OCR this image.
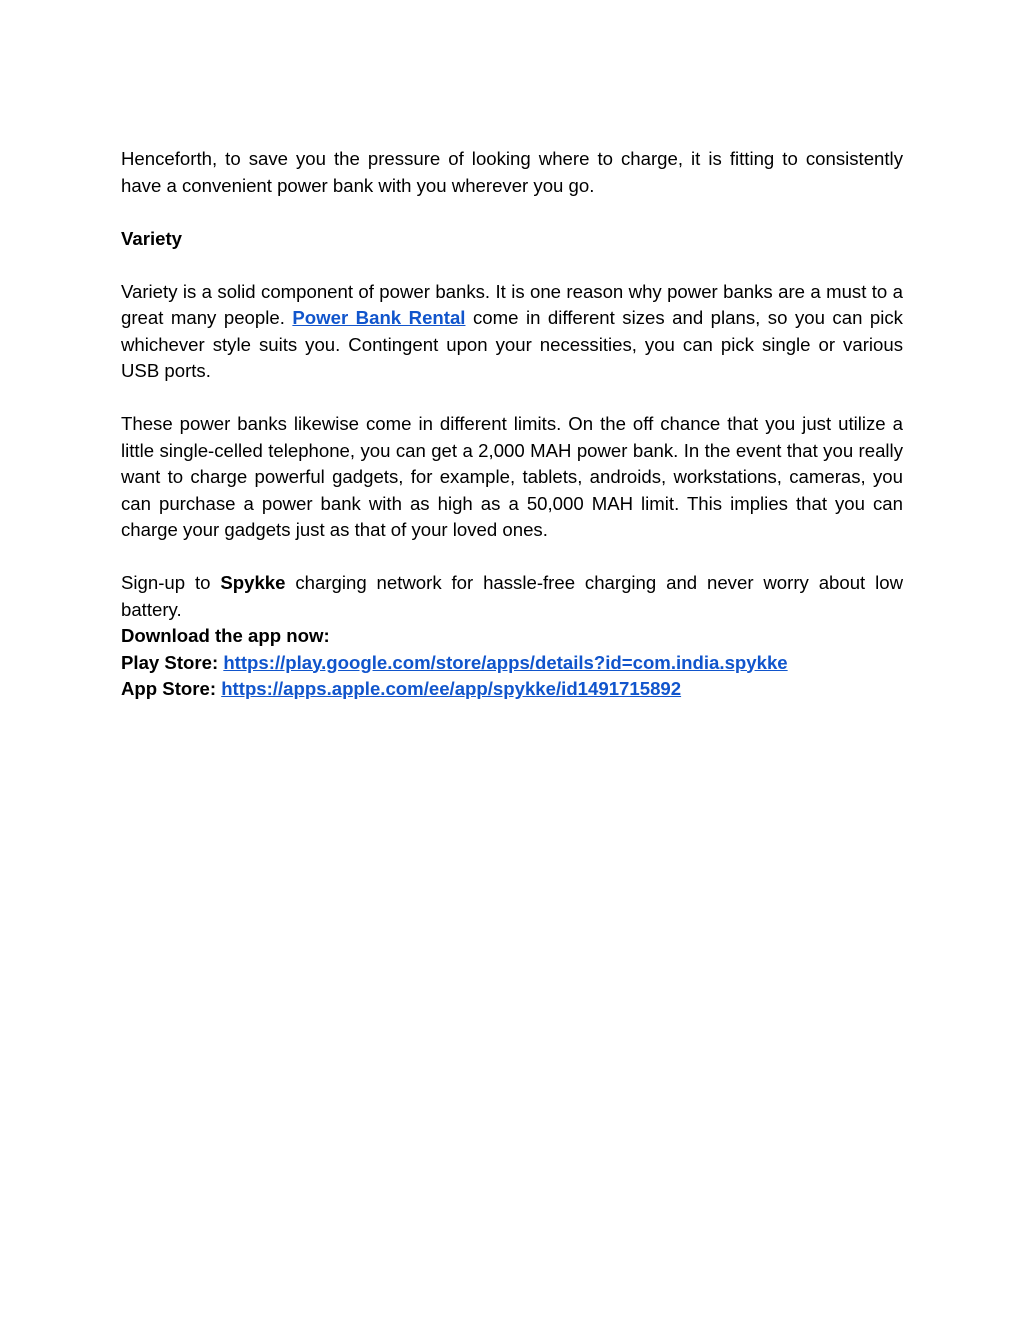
Henceforth, to save you the pressure of looking where to charge, it is fitting to consistently have a convenient power bank with you wherever you go.

Variety

Variety is a solid component of power banks. It is one reason why power banks are a must to a great many people. Power Bank Rental come in different sizes and plans, so you can pick whichever style suits you. Contingent upon your necessities, you can pick single or various USB ports.

These power banks likewise come in different limits. On the off chance that you just utilize a little single-celled telephone, you can get a 2,000 MAH power bank. In the event that you really want to charge powerful gadgets, for example, tablets, androids, workstations, cameras, you can purchase a power bank with as high as a 50,000 MAH limit. This implies that you can charge your gadgets just as that of your loved ones.

Sign-up to Spykke charging network for hassle-free charging and never worry about low battery.

Download the app now:

Play Store: https://play.google.com/store/apps/details?id=com.india.spykke

App Store: https://apps.apple.com/ee/app/spykke/id1491715892
